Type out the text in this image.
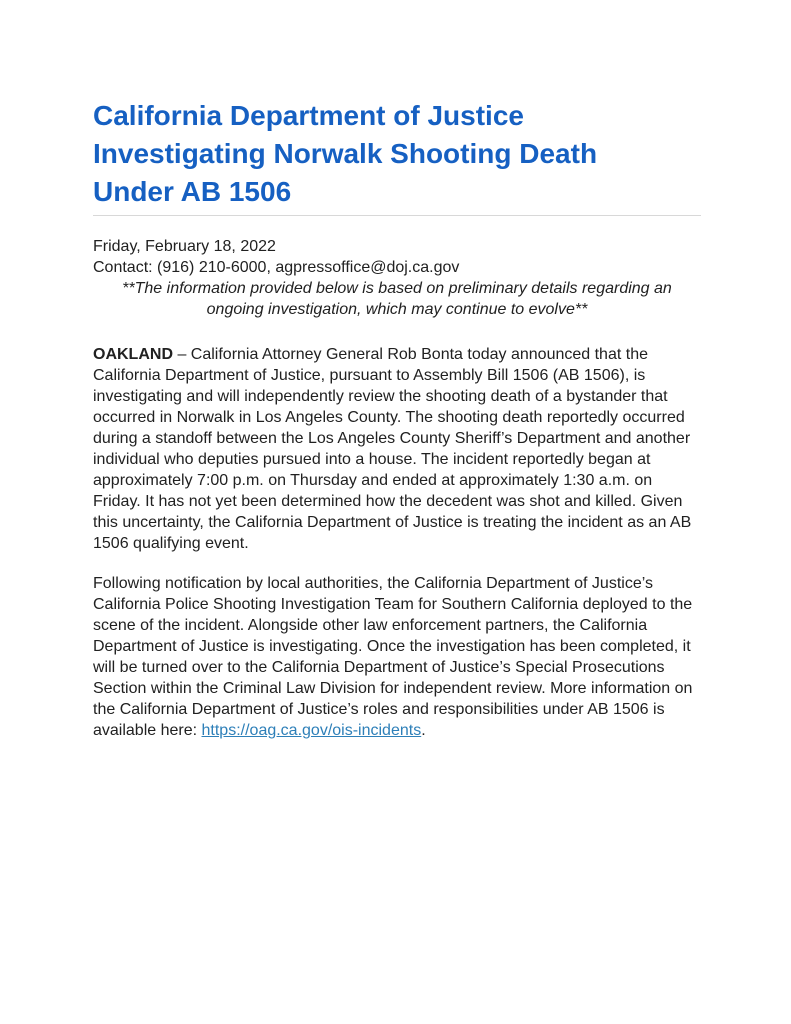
California Department of Justice
Investigating Norwalk Shooting Death
Under AB 1506

Friday, February 18, 2022

Contact: (916) 210-6000, agpressoffice@doj.ca.gov

**The information provided below is based on preliminary details regarding an ongoing investigation, which may continue to evolve**

OAKLAND – California Attorney General Rob Bonta today announced that the California Department of Justice, pursuant to Assembly Bill 1506 (AB 1506), is investigating and will independently review the shooting death of a bystander that occurred in Norwalk in Los Angeles County. The shooting death reportedly occurred during a standoff between the Los Angeles County Sheriff’s Department and another individual who deputies pursued into a house. The incident reportedly began at approximately 7:00 p.m. on Thursday and ended at approximately 1:30 a.m. on Friday. It has not yet been determined how the decedent was shot and killed. Given this uncertainty, the California Department of Justice is treating the incident as an AB 1506 qualifying event.

Following notification by local authorities, the California Department of Justice’s California Police Shooting Investigation Team for Southern California deployed to the scene of the incident. Alongside other law enforcement partners, the California Department of Justice is investigating. Once the investigation has been completed, it will be turned over to the California Department of Justice’s Special Prosecutions Section within the Criminal Law Division for independent review. More information on the California Department of Justice’s roles and responsibilities under AB 1506 is available here: https://oag.ca.gov/ois-incidents.
